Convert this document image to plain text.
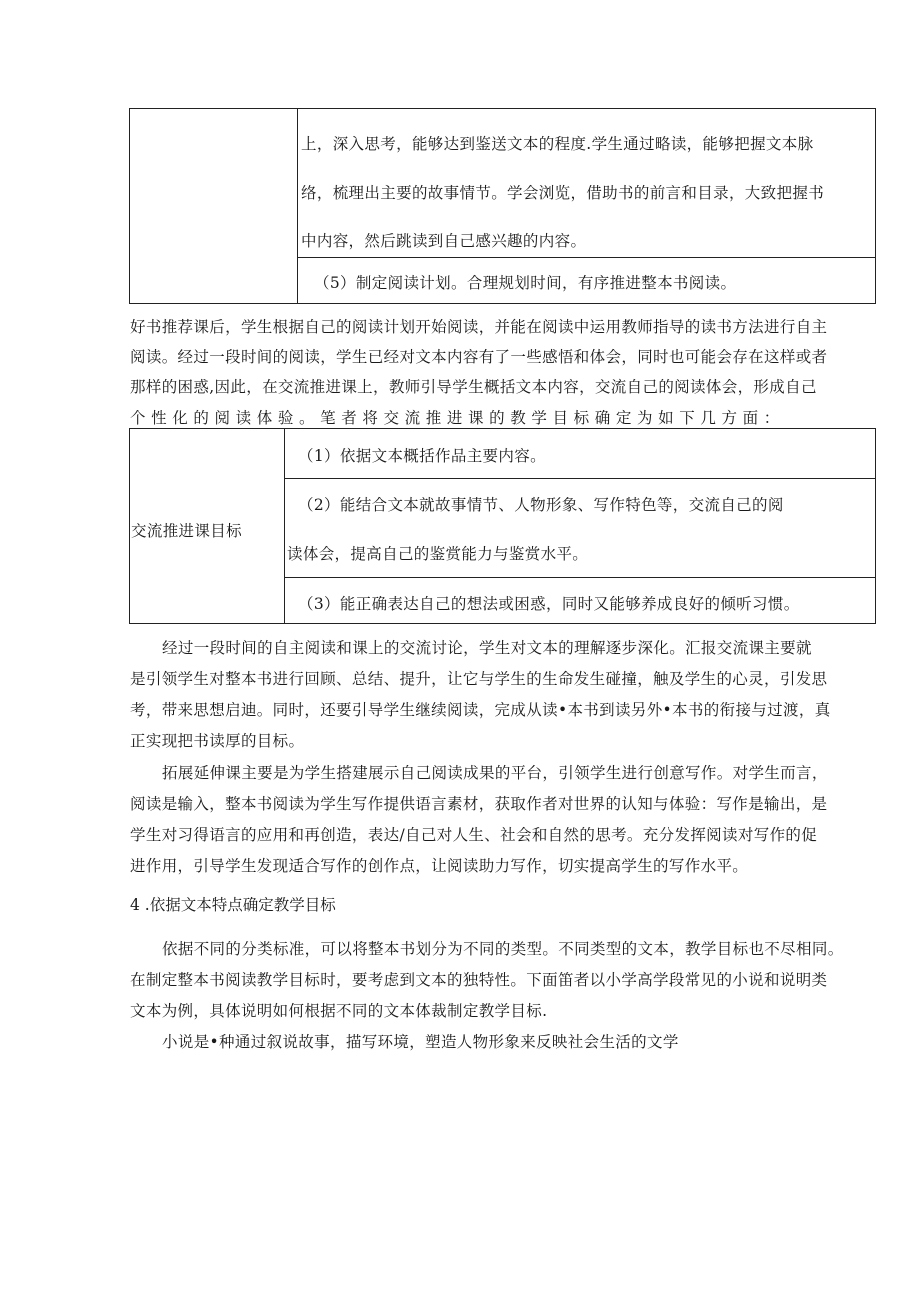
上，深入思考，能够达到鉴送文本的程度.学生通过略读，能够把握文本脉
络，梳理出主要的故事情节。学会浏览，借助书的前言和目录，大致把握书
中内容，然后跳读到自己感兴趣的内容。
（5）制定阅读计划。合理规划时间，有序推进整本书阅读。
好书推荐课后，学生根据自己的阅读计划开始阅读，并能在阅读中运用教师指导的读书方法进行自主
阅读。经过一段时间的阅读，学生已经对文本内容有了一些感悟和体会，同时也可能会存在这样或者
那样的困惑,因此，在交流推进课上，教师引导学生概括文本内容，交流自己的阅读体会，形成自己
个 性 化 的 阅 读 体 验 。 笔 者 将 交 流 推 进 课 的 教 学 目 标 确 定 为 如 下 几 方 面 ：
交流推进课目标
（1）依据文本概括作品主要内容。
（2）能结合文本就故事情节、人物形象、写作特色等，交流自己的阅
读体会，提高自己的鉴赏能力与鉴赏水平。
（3）能正确表达自己的想法或困惑，同时又能够养成良好的倾听习惯。
经过一段时间的自主阅读和课上的交流讨论，学生对文本的理解逐步深化。汇报交流课主要就
是引领学生对整本书进行回顾、总结、提升，让它与学生的生命发生碰撞，触及学生的心灵，引发思
考，带来思想启迪。同时，还要引导学生继续阅读，完成从读•本书到读另外•本书的衔接与过渡，真
正实现把书读厚的目标。
拓展延伸课主要是为学生搭建展示自己阅读成果的平台，引领学生进行创意写作。对学生而言，
阅读是输入，整本书阅读为学生写作提供语言素材，获取作者对世界的认知与体验：写作是输出，是
学生对习得语言的应用和再创造，表达/自己对人生、社会和自然的思考。充分发挥阅读对写作的促
进作用，引导学生发现适合写作的创作点，让阅读助力写作，切实提高学生的写作水平。
4 .依据文本特点确定教学目标
依据不同的分类标准，可以将整本书划分为不同的类型。不同类型的文本，教学目标也不尽相同。
在制定整本书阅读教学目标时，要考虑到文本的独特性。下面笛者以小学高学段常见的小说和说明类
文本为例，具体说明如何根据不同的文本体裁制定教学目标.
小说是•种通过叙说故事，描写环境，塑造人物形象来反映社会生活的文学
